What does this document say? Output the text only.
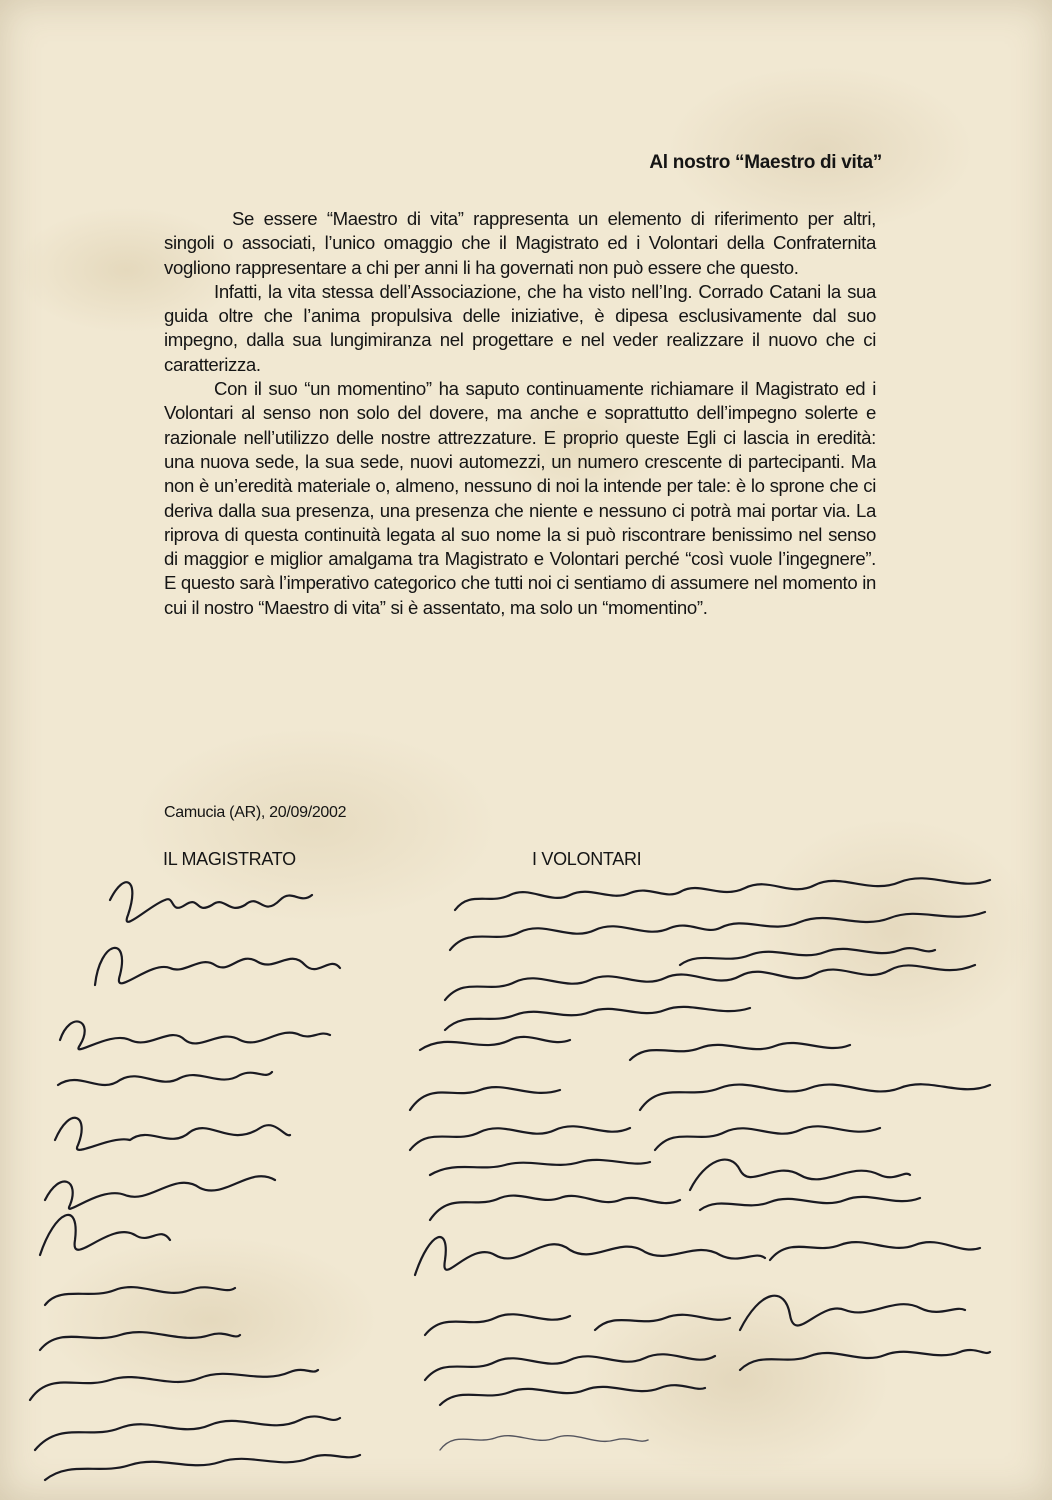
Al nostro “Maestro di vita”

Se essere “Maestro di vita” rappresenta un elemento di riferimento per altri, singoli o associati, l’unico omaggio che il Magistrato ed i Volontari della Confraternita vogliono rappresentare a chi per anni li ha governati non può essere che questo.

Infatti, la vita stessa dell’Associazione, che ha visto nell’Ing. Corrado Catani la sua guida oltre che l’anima propulsiva delle iniziative, è dipesa esclusivamente dal suo impegno, dalla sua lungimiranza nel progettare e nel veder realizzare il nuovo che ci caratterizza.

Con il suo “un momentino” ha saputo continuamente richiamare il Magistrato ed i Volontari al senso non solo del dovere, ma anche e soprattutto dell’impegno solerte e razionale nell’utilizzo delle nostre attrezzature. E proprio queste Egli ci lascia in eredità: una nuova sede, la sua sede, nuovi automezzi, un numero crescente di partecipanti. Ma non è un’eredità materiale o, almeno, nessuno di noi la intende per tale: è lo sprone che ci deriva dalla sua presenza, una presenza che niente e nessuno ci potrà mai portar via. La riprova di questa continuità legata al suo nome la si può riscontrare benissimo nel senso di maggior e miglior amalgama tra Magistrato e Volontari perché “così vuole l’ingegnere”. E questo sarà l’imperativo categorico che tutti noi ci sentiamo di assumere nel momento in cui il nostro “Maestro di vita” si è assentato, ma solo un “momentino”.

Camucia (AR), 20/09/2002
IL MAGISTRATO	I VOLONTARI
